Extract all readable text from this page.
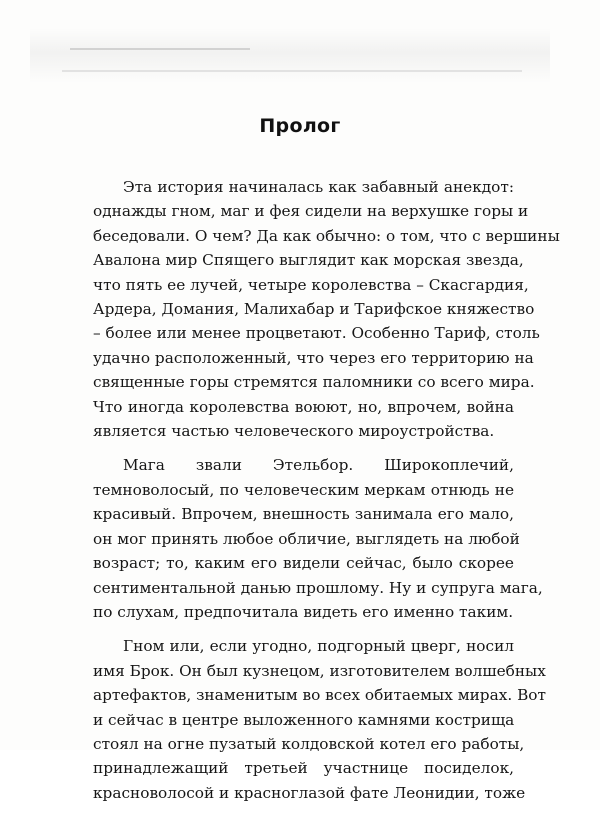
Пролог
Эта история начиналась как забавный анекдот:
однажды гном, маг и фея сидели на верхушке горы и
беседовали. О чем? Да как обычно: о том, что с вершины
Авалона мир Спящего выглядит как морская звезда,
что пять ее лучей, четыре королевства – Скасгардия,
Ардера, Домания, Малихабар и Тарифское княжество
– более или менее процветают. Особенно Тариф, столь
удачно расположенный, что через его территорию на
священные горы стремятся паломники со всего мира.
Что иногда королевства воюют, но, впрочем, война
является частью человеческого мироустройства.
Мага звали Этельбор. Широкоплечий,
темноволосый, по человеческим меркам отнюдь не
красивый. Впрочем, внешность занимала его мало,
он мог принять любое обличие, выглядеть на любой
возраст; то, каким его видели сейчас, было скорее
сентиментальной данью прошлому. Ну и супруга мага,
по слухам, предпочитала видеть его именно таким.
Гном или, если угодно, подгорный цверг, носил
имя Брок. Он был кузнецом, изготовителем волшебных
артефактов, знаменитым во всех обитаемых мирах. Вот
и сейчас в центре выложенного камнями кострища
стоял на огне пузатый колдовской котел его работы,
принадлежащий третьей участнице посиделок,
красноволосой и красноглазой фате Леонидии, тоже
